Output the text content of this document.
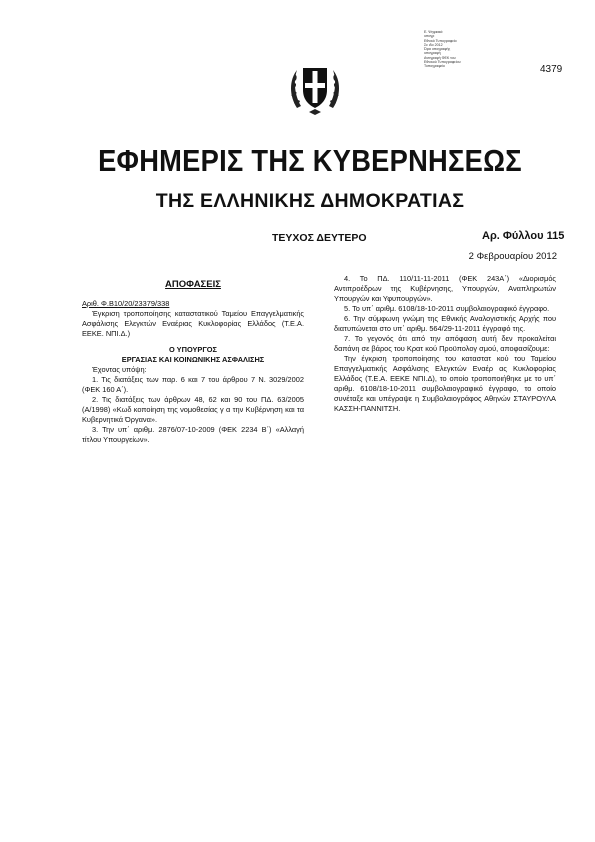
Ε. Ψηφιακά
υπογρ
Εθνικό Τυπογραφείο
Σε ιδο 2012
Ώρα υπογραφής
υπογραφή
Αντιγραφή ΦΕΚ του
Εθνικού Τυπογραφείου
Τυπογραφείο	4379
ΕΦΗΜΕΡΙΣ ΤΗΣ ΚΥΒΕΡΝΗΣΕΩΣ
ΤΗΣ ΕΛΛΗΝΙΚΗΣ ΔΗΜΟΚΡΑΤΙΑΣ
ΤΕΥΧΟΣ ΔΕΥΤΕΡΟ	Αρ. Φύλλου 115
2 Φεβρουαρίου 2012
ΑΠΟΦΑΣΕΙΣ

Αριθ. Φ.Β10/20/23379/338

Έγκριση τροποποίησης καταστατικού Ταμείου Επαγγελματικής Ασφάλισης Ελεγκτών Εναέριας Κυκλοφορίας Ελλάδος (Τ.Ε.Α. ΕΕΚΕ. ΝΠΙ.Δ.)

Ο ΥΠΟΥΡΓΟΣ

ΕΡΓΑΣΙΑΣ ΚΑΙ ΚΟΙΝΩΝΙΚΗΣ ΑΣΦΑΛΙΣΗΣ

Έχοντας υπόψη:

1. Τις διατάξεις των παρ. 6 και 7 του άρθρου 7 Ν. 3029/2002 (ΦΕΚ 160 Α΄).

2. Τις διατάξεις των άρθρων 48, 62 και 90 του ΠΔ. 63/2005 (Α/1998) «Κωδ κοποίηση της νομοθεσίας γ α την Κυβέρνηση και τα Κυβερνητικά Όργανα».

3. Την υπ΄ αριθμ. 2876/07-10-2009 (ΦΕΚ 2234 Β΄) «Αλλαγή τίτλου Υπουργείων».

4. Το ΠΔ. 110/11-11-2011 (ΦΕΚ 243Α΄) «Διορισμός Αντιπροέδρων της Κυβέρνησης, Υπουργών, Αναπληρωτών Υπουργών και Υφυπουργών».

5. Το υπ΄ αριθμ. 6108/18-10-2011 συμβολαιογραφικό έγγραφο.

6. Την σύμφωνη γνώμη της Εθνικής Αναλογιστικής Αρχής που διατυπώνεται στο υπ΄ αριθμ. 564/29-11-2011 έγγραφό της.

7. Το γεγονός ότι από την απόφαση αυτή δεν προκαλείται δαπάνη σε βάρος του Κρατ κού Προϋπολογ σμού, αποφασίζουμε:

Την έγκριση τροποποίησης του καταστατ κού του Ταμείου Επαγγελματικής Ασφάλισης Ελεγκτών Εναέρ ας Κυκλοφορίας Ελλάδος (Τ.Ε.Α. ΕΕΚΕ ΝΠΙ.Δ), το οποίο τροποποιήθηκε με το υπ΄ αριθμ. 6108/18-10-2011 συμβολαιογραφικό έγγραφο, το οποίο συνέταξε και υπέγραψε η Συμβολαιογράφος Αθηνών ΣΤΑΥΡΟΥΛΑ ΚΑΣΣΗ-ΠΑΝΝΙΤΣΗ.
